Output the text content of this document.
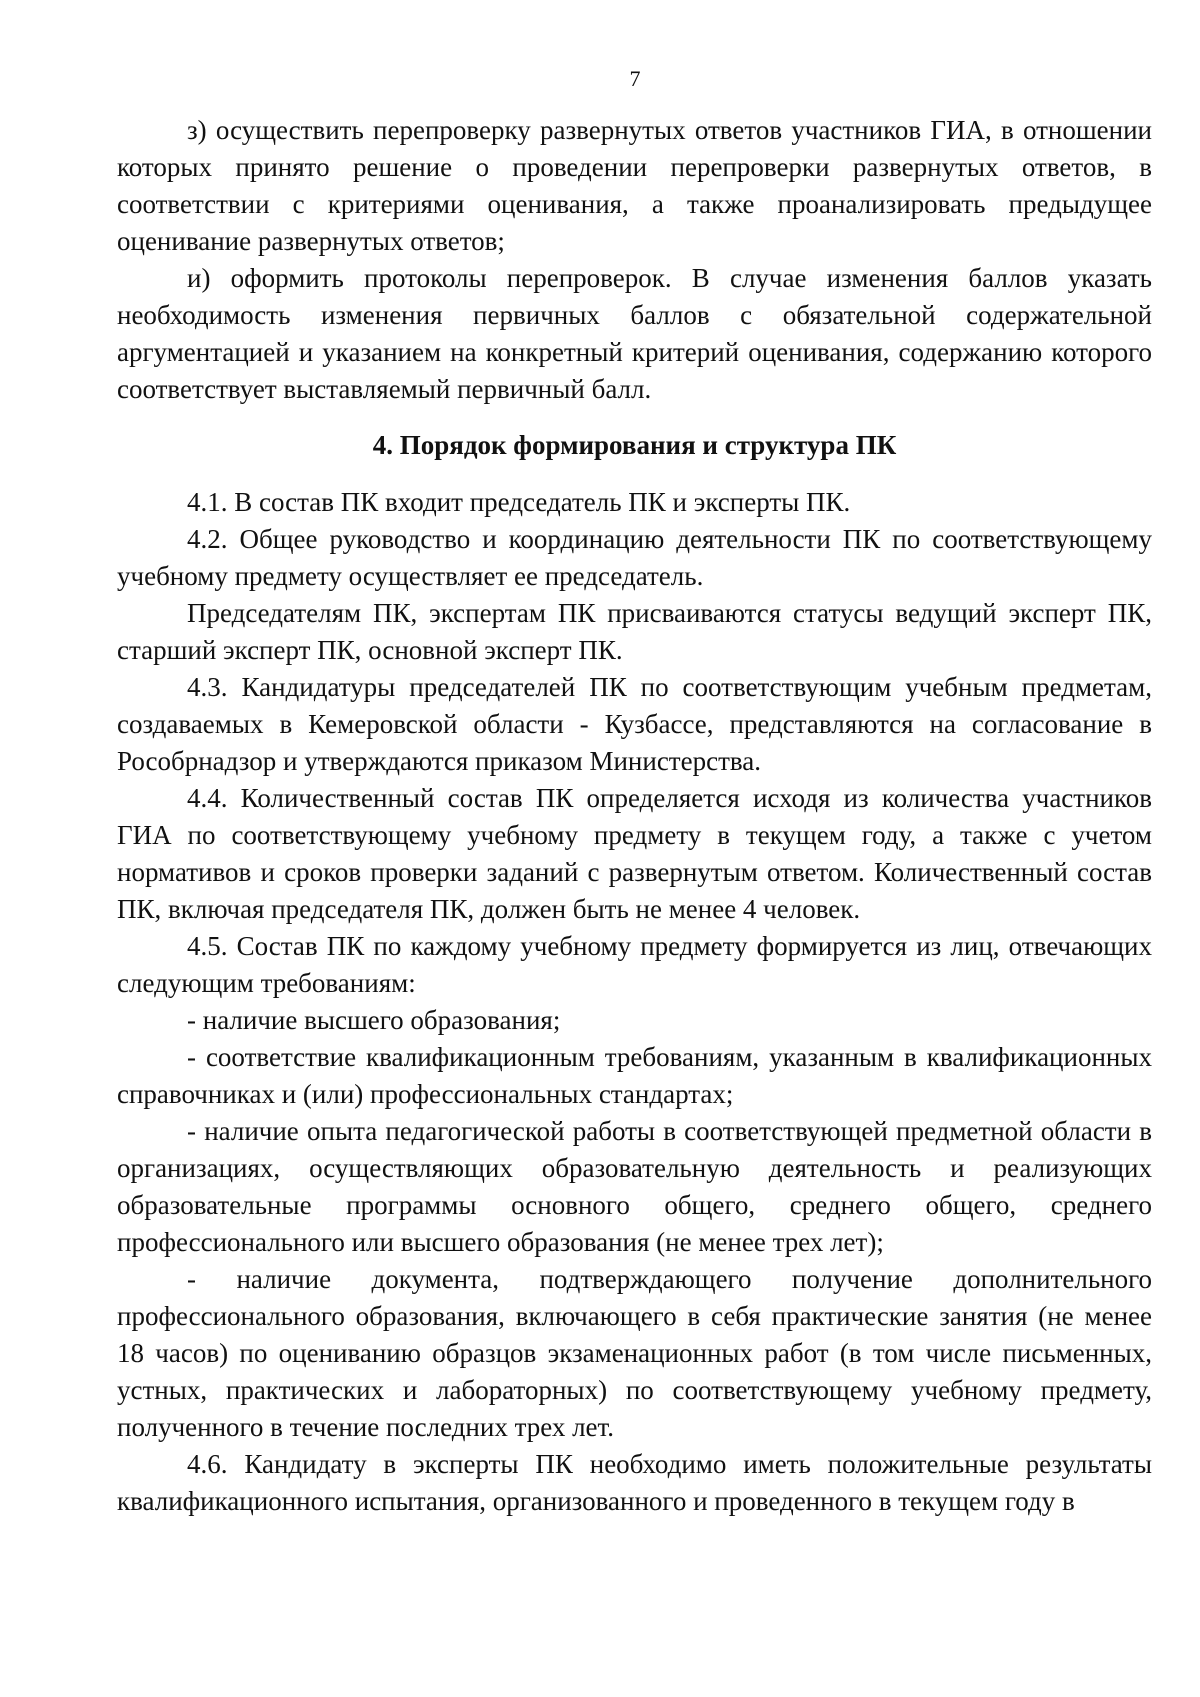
7

з) осуществить перепроверку развернутых ответов участников ГИА, в отношении которых принято решение о проведении перепроверки развернутых ответов, в соответствии с критериями оценивания, а также проанализировать предыдущее оценивание развернутых ответов;

и) оформить протоколы перепроверок. В случае изменения баллов указать необходимость изменения первичных баллов с обязательной содержательной аргументацией и указанием на конкретный критерий оценивания, содержанию которого соответствует выставляемый первичный балл.

4. Порядок формирования и структура ПК

4.1. В состав ПК входит председатель ПК и эксперты ПК.

4.2. Общее руководство и координацию деятельности ПК по соответствующему учебному предмету осуществляет ее председатель.

Председателям ПК, экспертам ПК присваиваются статусы ведущий эксперт ПК, старший эксперт ПК, основной эксперт ПК.

4.3. Кандидатуры председателей ПК по соответствующим учебным предметам, создаваемых в Кемеровской области - Кузбассе, представляются на согласование в Рособрнадзор и утверждаются приказом Министерства.

4.4. Количественный состав ПК определяется исходя из количества участников ГИА по соответствующему учебному предмету в текущем году, а также с учетом нормативов и сроков проверки заданий с развернутым ответом. Количественный состав ПК, включая председателя ПК, должен быть не менее 4 человек.

4.5. Состав ПК по каждому учебному предмету формируется из лиц, отвечающих следующим требованиям:

- наличие высшего образования;

- соответствие квалификационным требованиям, указанным в квалификационных справочниках и (или) профессиональных стандартах;

- наличие опыта педагогической работы в соответствующей предметной области в организациях, осуществляющих образовательную деятельность и реализующих образовательные программы основного общего, среднего общего, среднего профессионального или высшего образования (не менее трех лет);

- наличие документа, подтверждающего получение дополнительного профессионального образования, включающего в себя практические занятия (не менее 18 часов) по оцениванию образцов экзаменационных работ (в том числе письменных, устных, практических и лабораторных) по соответствующему учебному предмету, полученного в течение последних трех лет.

4.6. Кандидату в эксперты ПК необходимо иметь положительные результаты квалификационного испытания, организованного и проведенного в текущем году в
